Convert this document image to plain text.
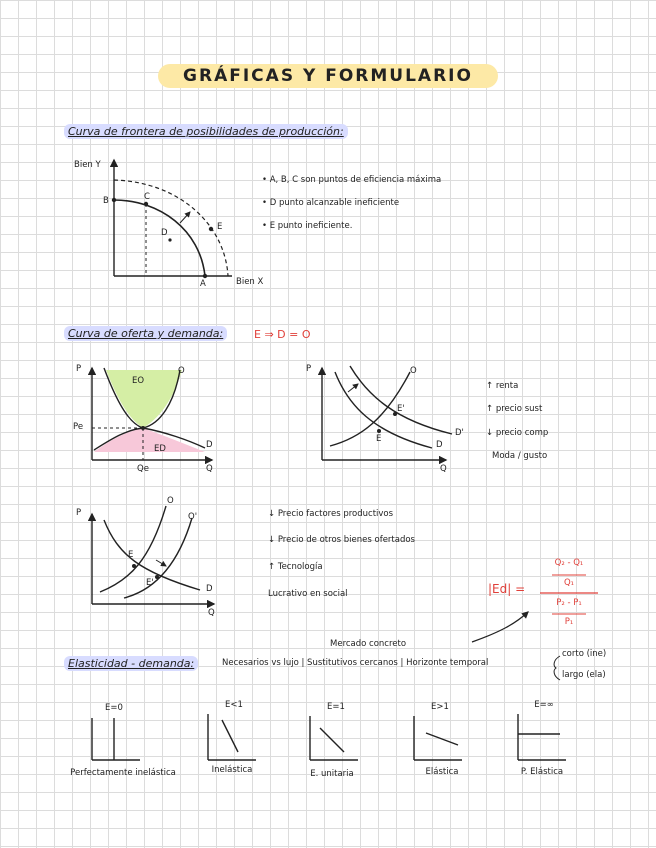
GRÁFICAS Y FORMULARIO
Curva de frontera de posibilidades de producción:
Bien Y
Bien X
B	C
D
E
A
• A, B, C son puntos de eficiencia máxima
• D punto alcanzable ineficiente
• E punto ineficiente.
Curva de oferta y demanda:	E ⇒ D = O
P
Q
Pe
Qe
O
D
EO
ED
P
Q
O
D
D'
E
E'
↑ renta
↑ precio sust
↓ precio comp
Moda / gusto
P
Q
O
O'
D
E
E'
↓ Precio factores productivos
↓ Precio de otros bienes ofertados
↑ Tecnología
Lucrativo en social	|Ed| =
Q₂ - Q₁
Q₁
P₂ - P₁
P₁
Mercado concreto
Elasticidad - demanda:	Necesarios vs lujo | Sustitutivos cercanos | Horizonte temporal
corto (ine)
largo (ela)
E=0	E<1	E=1	E>1	E=∞
Perfectamente inelástica	Inelástica	E. unitaria	Elástica	P. Elástica
